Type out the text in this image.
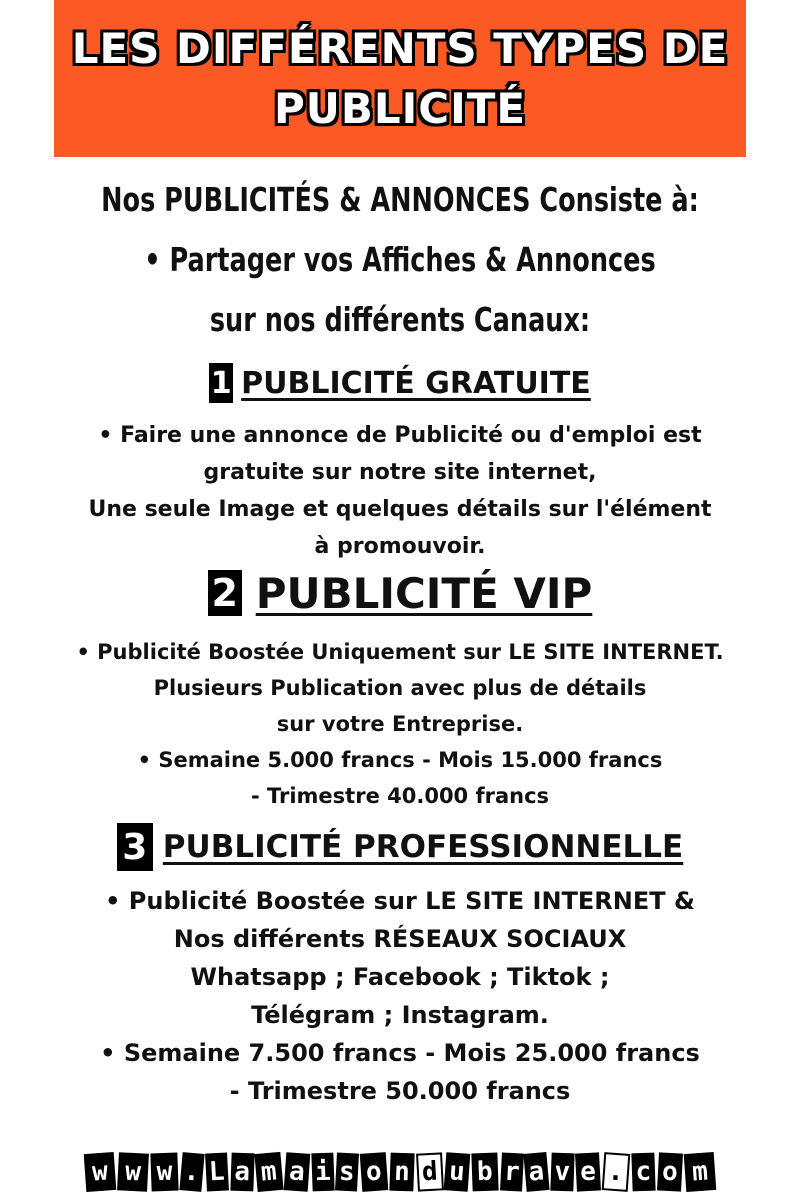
LES DIFFÉRENTS TYPES DE
PUBLICITÉ
Nos PUBLICITÉS & ANNONCES Consiste à:
• Partager vos Affiches & Annonces
sur nos différents Canaux:
1 PUBLICITÉ GRATUITE
• Faire une annonce de Publicité ou d'emploi est
gratuite sur notre site internet,
Une seule Image et quelques détails sur l'élément
à promouvoir.
2 PUBLICITÉ VIP
• Publicité Boostée Uniquement sur LE SITE INTERNET.
Plusieurs Publication avec plus de détails
sur votre Entreprise.
• Semaine 5.000 francs - Mois 15.000 francs
- Trimestre 40.000 francs
3 PUBLICITÉ PROFESSIONNELLE
• Publicité Boostée sur LE SITE INTERNET &
Nos différents RÉSEAUX SOCIAUX
Whatsapp ; Facebook ; Tiktok ;
Télégram ; Instagram.
• Semaine 7.500 francs - Mois 25.000 francs
- Trimestre 50.000 francs
w w w . L a m a i s o n d u b r a v e . c o m
